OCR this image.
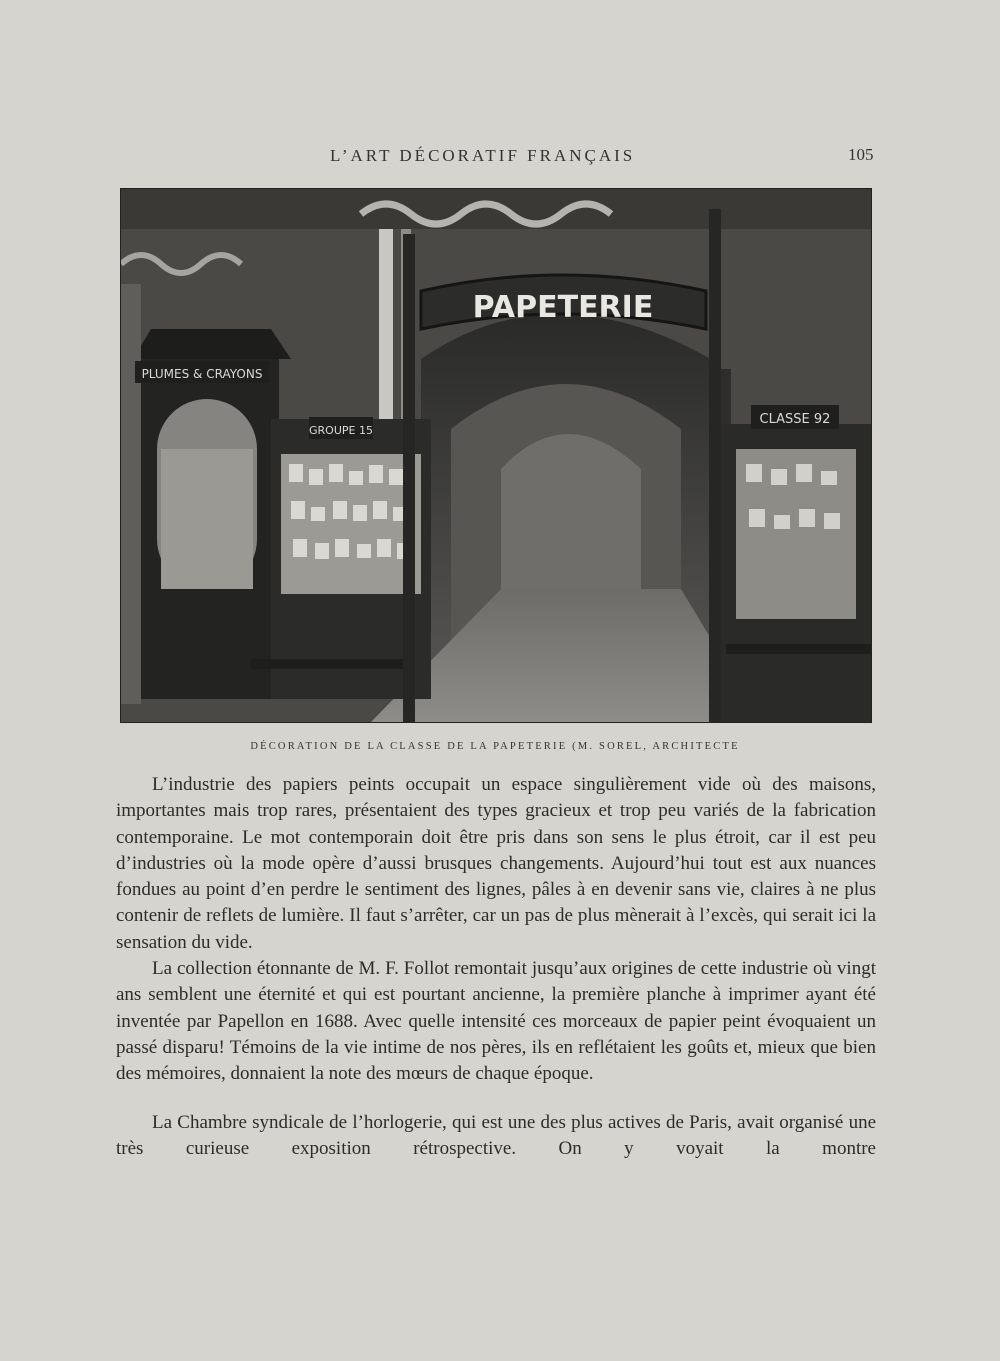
L’ART DÉCORATIF FRANÇAIS	105
PAPETERIE
PLUMES & CRAYONS
GROUPE 15
CLASSE 92
DÉCORATION DE LA CLASSE DE LA PAPETERIE (M. SOREL, ARCHITECTE

L’industrie des papiers peints occupait un espace singulièrement vide où des maisons, importantes mais trop rares, présentaient des types gracieux et trop peu variés de la fabrication contemporaine. Le mot contemporain doit être pris dans son sens le plus étroit, car il est peu d’industries où la mode opère d’aussi brusques changements. Aujourd’hui tout est aux nuances fondues au point d’en perdre le sentiment des lignes, pâles à en devenir sans vie, claires à ne plus contenir de reflets de lumière. Il faut s’arrêter, car un pas de plus mènerait à l’excès, qui serait ici la sensation du vide.

La collection étonnante de M. F. Follot remontait jusqu’aux origines de cette industrie où vingt ans semblent une éternité et qui est pourtant ancienne, la première planche à imprimer ayant été inventée par Papellon en 1688. Avec quelle intensité ces morceaux de papier peint évoquaient un passé disparu! Témoins de la vie intime de nos pères, ils en reflétaient les goûts et, mieux que bien des mémoires, donnaient la note des mœurs de chaque époque.

La Chambre syndicale de l’horlogerie, qui est une des plus actives de Paris, avait organisé une très curieuse exposition rétrospective. On y voyait la montre
